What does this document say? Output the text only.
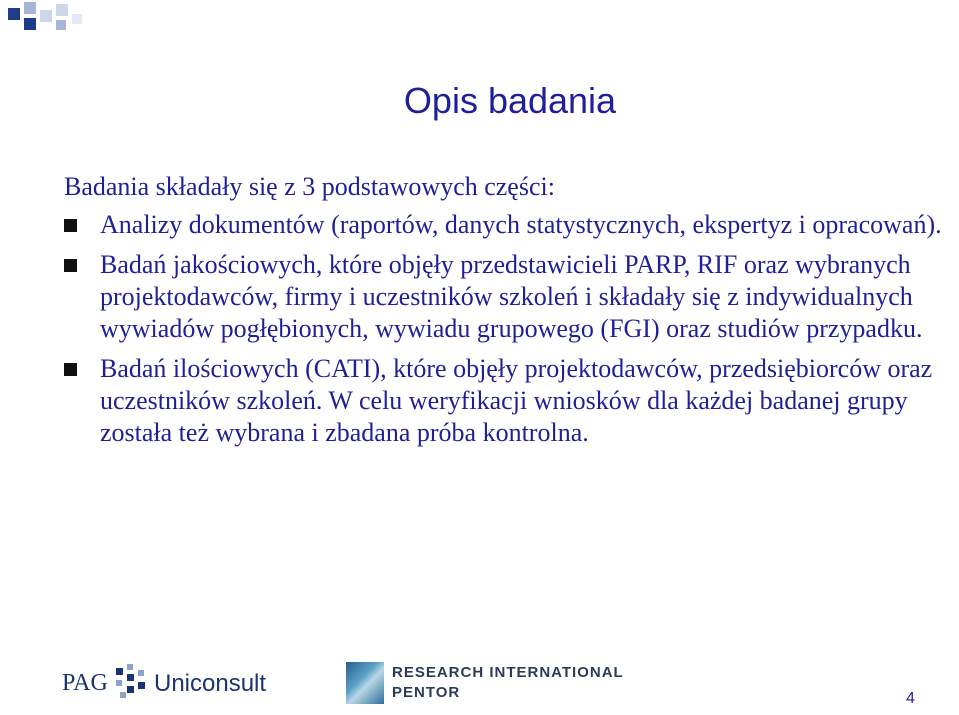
Opis badania
Badania składały się z 3 podstawowych części:
Analizy dokumentów (raportów, danych statystycznych, ekspertyz i opracowań).
Badań jakościowych, które objęły przedstawicieli PARP, RIF oraz wybranych projektodawców, firmy i uczestników szkoleń i składały się z indywidualnych wywiadów pogłębionych, wywiadu grupowego (FGI) oraz studiów przypadku.
Badań ilościowych (CATI), które objęły projektodawców, przedsiębiorców oraz uczestników szkoleń. W celu weryfikacji wniosków dla każdej badanej grupy została też wybrana i zbadana próba kontrolna.
PAG Uniconsult	RESEARCH INTERNATIONAL
PENTOR	4
